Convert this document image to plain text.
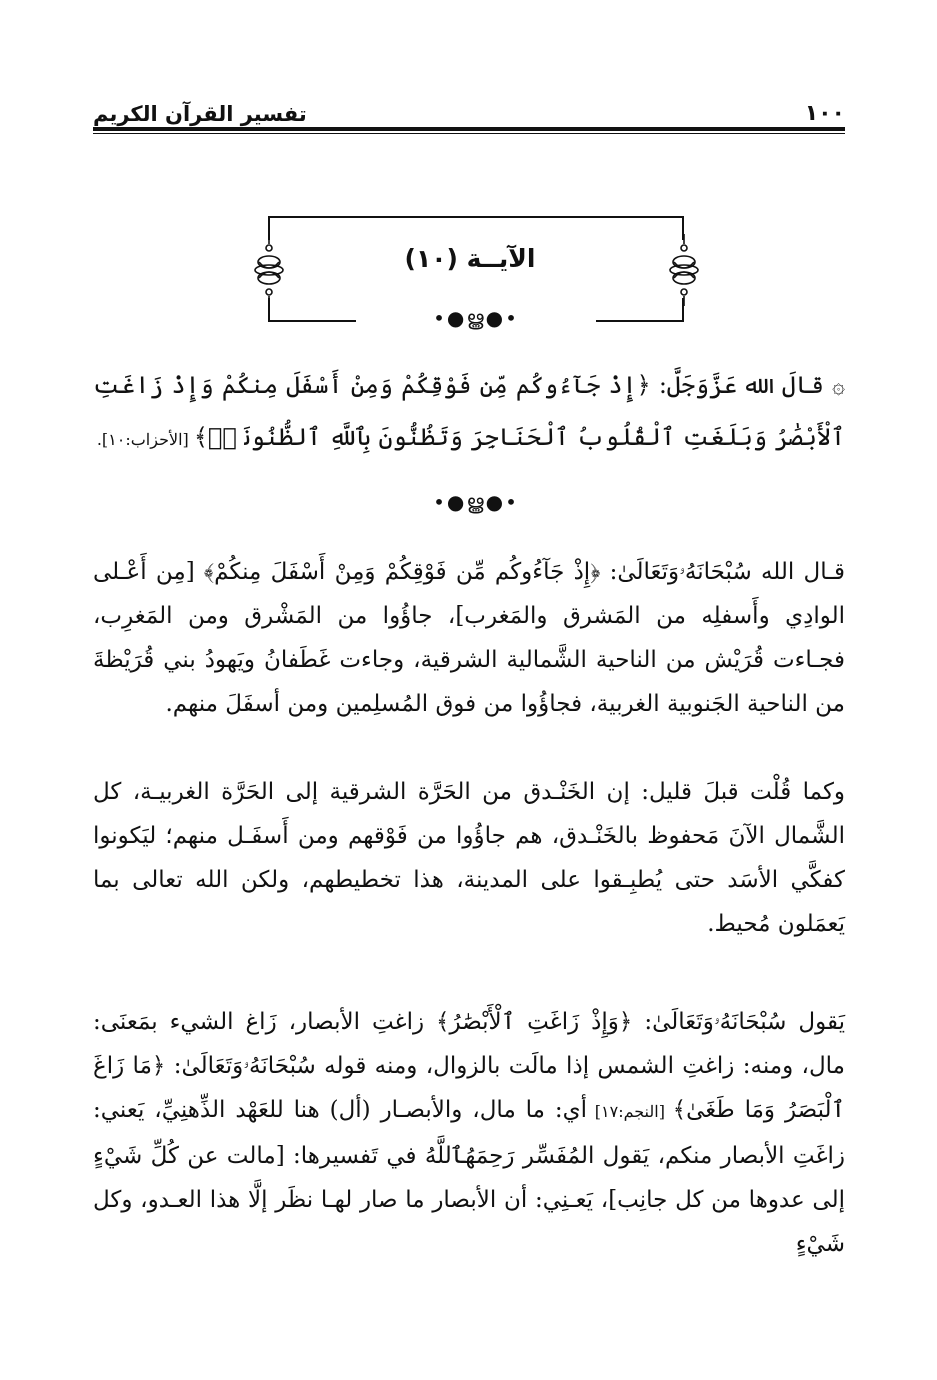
١٠٠
تفسير القرآن الكريم
الآيــة (١٠)
•●ൠ●•
۞ قالَ الله عَزَّوَجَلَّ: ﴿إِذْ جَآءُوكُم مِّن فَوْقِكُمْ وَمِنْ أَسْفَلَ مِنكُمْ وَإِذْ زَاغَتِ ٱلْأَبْصَٰرُ وَبَلَغَتِ ٱلْقُلُوبُ ٱلْحَنَاجِرَ وَتَظُنُّونَ بِٱللَّهِ ٱلظُّنُونَا۠﴾ [الأحزاب:١٠].
•●ൠ●•

قـال الله سُبْحَانَهُۥوَتَعَالَىٰ: ﴿إِذْ جَآءُوكُم مِّن فَوْقِكُمْ وَمِنْ أَسْفَلَ مِنكُمْ﴾ [مِن أَعْـلى الوادِي وأَسفلِه من المَشرق والمَغرب]، جاؤُوا من المَشْرق ومن المَغرِب، فجـاءت قُرَيْش من الناحية الشَّمالية الشرقية، وجاءت غَطَفانُ ويَهودُ بني قُرَيْظةَ من الناحية الجَنوبية الغربية، فجاؤُوا من فوق المُسلِمين ومن أسفَلَ منهم.

وكما قُلْت قبلَ قليل: إن الخَنْـدق من الحَرَّة الشرقية إلى الحَرَّة الغربيـة، كل الشَّمال الآنَ مَحفوظ بالخَنْـدق، هم جاؤُوا من فَوْقهم ومن أَسفَـل منهم؛ ليَكونوا كفكَّي الأسَد حتى يُطبِـقوا على المدينة، هذا تخطيطهم، ولكن الله تعالى بما يَعمَلون مُحيط.

يَقول سُبْحَانَهُۥوَتَعَالَىٰ: ﴿وَإِذْ زَاغَتِ ٱلْأَبْصَٰرُ﴾ زاغتِ الأبصار، زَاغ الشيء بمَعنَى: مال، ومنه: زاغتِ الشمس إذا مالَت بالزوال، ومنه قوله سُبْحَانَهُۥوَتَعَالَىٰ: ﴿مَا زَاغَ ٱلْبَصَرُ وَمَا طَغَىٰ﴾ [النجم:١٧] أي: ما مال، والأبصـار (أل) هنا للعَهْد الذِّهنِيِّ، يَعني: زاغَتِ الأبصار منكم، يَقول المُفَسِّر رَحِمَهُٱللَّهُ في تَفسيرها: [مالت عن كُلِّ شَيْءٍ إلى عدوها من كل جانِب]، يَعـنِي: أن الأبصار ما صار لهـا نظَر إلَّا هذا العـدو، وكل شَيْءٍ
